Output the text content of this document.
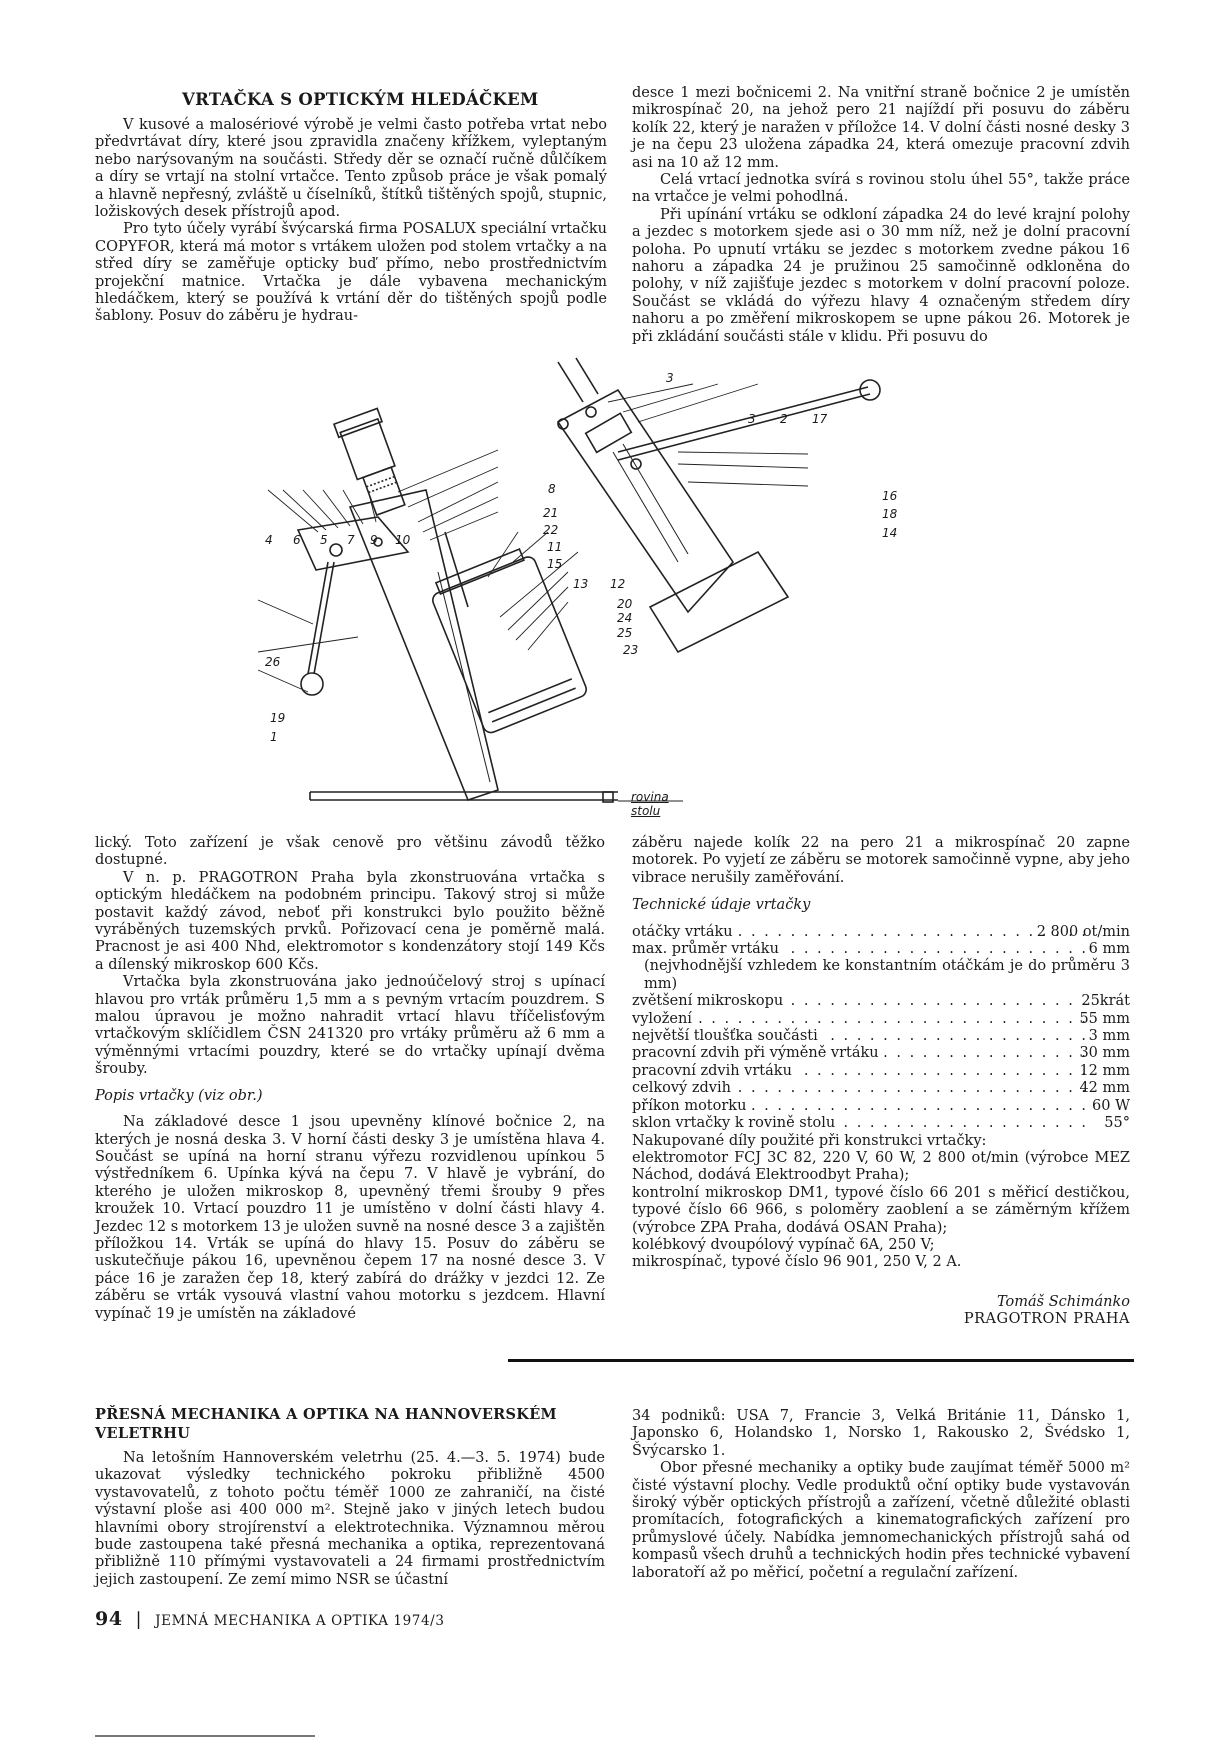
VRTAČKA S OPTICKÝM HLEDÁČKEM

V kusové a malosériové výrobě je velmi často potřeba vrtat nebo předvrtávat díry, které jsou zpravidla značeny křížkem, vyleptaným nebo narýsovaným na součásti. Středy děr se označí ručně důlčíkem a díry se vrtají na stolní vrtačce. Tento způsob práce je však pomalý a hlavně nepřesný, zvláště u číselníků, štítků tištěných spojů, stupnic, ložiskových desek přístrojů apod.

Pro tyto účely vyrábí švýcarská firma POSALUX speciální vrtačku COPYFOR, která má motor s vrtákem uložen pod stolem vrtačky a na střed díry se zaměřuje opticky buď přímo, nebo prostřednictvím projekční matnice. Vrtačka je dále vybavena mechanickým hledáčkem, který se používá k vrtání děr do tištěných spojů podle šablony. Posuv do záběru je hydrau-

desce 1 mezi bočnicemi 2. Na vnitřní straně bočnice 2 je umístěn mikrospínač 20, na jehož pero 21 najíždí při posuvu do záběru kolík 22, který je naražen v příložce 14. V dolní části nosné desky 3 je na čepu 23 uložena západka 24, která omezuje pracovní zdvih asi na 10 až 12 mm.

Celá vrtací jednotka svírá s rovinou stolu úhel 55°, takže práce na vrtačce je velmi pohodlná.

Při upínání vrtáku se odkloní západka 24 do levé krajní polohy a jezdec s motorkem sjede asi o 30 mm níž, než je dolní pracovní poloha. Po upnutí vrtáku se jezdec s motorkem zvedne pákou 16 nahoru a západka 24 je pružinou 25 samočinně odkloněna do polohy, v níž zajišťuje jezdec s motorkem v dolní pracovní poloze. Součást se vkládá do výřezu hlavy 4 označeným středem díry nahoru a po změření mikroskopem se upne pákou 26. Motorek je při zkládání součásti stále v klidu. Při posuvu do

3
3 2 17
8
21
22
11
15
13 12
4 6 5 7 9 10
16
18
14
20
24
25
23
26
19
1
rovina stolu

lický. Toto zařízení je však cenově pro většinu závodů těžko dostupné.

V n. p. PRAGOTRON Praha byla zkonstruována vrtačka s optickým hledáčkem na podobném principu. Takový stroj si může postavit každý závod, neboť při konstrukci bylo použito běžně vyráběných tuzemských prvků. Pořizovací cena je poměrně malá. Pracnost je asi 400 Nhd, elektromotor s kondenzátory stojí 149 Kčs a dílenský mikroskop 600 Kčs.

Vrtačka byla zkonstruována jako jednoúčelový stroj s upínací hlavou pro vrták průměru 1,5 mm a s pevným vrtacím pouzdrem. S malou úpravou je možno nahradit vrtací hlavu tříčelisťovým vrtačkovým sklíčidlem ČSN 241320 pro vrtáky průměru až 6 mm a výměnnými vrtacími pouzdry, které se do vrtačky upínají dvěma šrouby.

Popis vrtačky (viz obr.)

Na základové desce 1 jsou upevněny klínové bočnice 2, na kterých je nosná deska 3. V horní části desky 3 je umístěna hlava 4. Součást se upíná na horní stranu výřezu rozvidlenou upínkou 5 výstředníkem 6. Upínka kývá na čepu 7. V hlavě je vybrání, do kterého je uložen mikroskop 8, upevněný třemi šrouby 9 přes kroužek 10. Vrtací pouzdro 11 je umístěno v dolní části hlavy 4. Jezdec 12 s motorkem 13 je uložen suvně na nosné desce 3 a zajištěn příložkou 14. Vrták se upíná do hlavy 15. Posuv do záběru se uskutečňuje pákou 16, upevněnou čepem 17 na nosné desce 3. V páce 16 je zaražen čep 18, který zabírá do drážky v jezdci 12. Ze záběru se vrták vysouvá vlastní vahou motorku s jezdcem. Hlavní vypínač 19 je umístěn na základové

záběru najede kolík 22 na pero 21 a mikrospínač 20 zapne motorek. Po vyjetí ze záběru se motorek samočinně vypne, aby jeho vibrace nerušily zaměřování.

Technické údaje vrtačky

otáčky vrtáku . . .	2 800 ot/min
max. průměr vrtáku . . .	6 mm

(nejvhodnější vzhledem ke konstantním otáčkám je do průměru 3 mm)

zvětšení mikroskopu . . .	25krát
vyložení . . .	55 mm
největší tloušťka součásti . . .	3 mm
pracovní zdvih při výměně vrtáku . . .	30 mm
pracovní zdvih vrtáku . . .	12 mm
celkový zdvih . . .	42 mm
příkon motorku . . .	60 W
sklon vrtačky k rovině stolu . . .	55°

Nakupované díly použité při konstrukci vrtačky:

elektromotor FCJ 3C 82, 220 V, 60 W, 2 800 ot/min (výrobce MEZ Náchod, dodává Elektroodbyt Praha);

kontrolní mikroskop DM1, typové číslo 66 201 s měřicí destičkou, typové číslo 66 966, s poloměry zaoblení a se záměrným křížem (výrobce ZPA Praha, dodává OSAN Praha);

kolébkový dvoupólový vypínač 6A, 250 V;

mikrospínač, typové číslo 96 901, 250 V, 2 A.

Tomáš Schimánko

PRAGOTRON PRAHA

PŘESNÁ MECHANIKA A OPTIKA NA HANNOVERSKÉM VELETRHU

Na letošním Hannoverském veletrhu (25. 4.—3. 5. 1974) bude ukazovat výsledky technického pokroku přibližně 4500 vystavovatelů, z tohoto počtu téměř 1000 ze zahraničí, na čisté výstavní ploše asi 400 000 m². Stejně jako v jiných letech budou hlavními obory strojírenství a elektrotechnika. Významnou měrou bude zastoupena také přesná mechanika a optika, reprezentovaná přibližně 110 přímými vystavovateli a 24 firmami prostřednictvím jejich zastoupení. Ze zemí mimo NSR se účastní

34 podniků: USA 7, Francie 3, Velká Británie 11, Dánsko 1, Japonsko 6, Holandsko 1, Norsko 1, Rakousko 2, Švédsko 1, Švýcarsko 1.

Obor přesné mechaniky a optiky bude zaujímat téměř 5000 m² čisté výstavní plochy. Vedle produktů oční optiky bude vystavován široký výběr optických přístrojů a zařízení, včetně důležité oblasti promítacích, fotografických a kinematografických zařízení pro průmyslové účely. Nabídka jemnomechanických přístrojů sahá od kompasů všech druhů a technických hodin přes technické vybavení laboratoří až po měřicí, početní a regulační zařízení.

94 | JEMNÁ MECHANIKA A OPTIKA 1974/3
